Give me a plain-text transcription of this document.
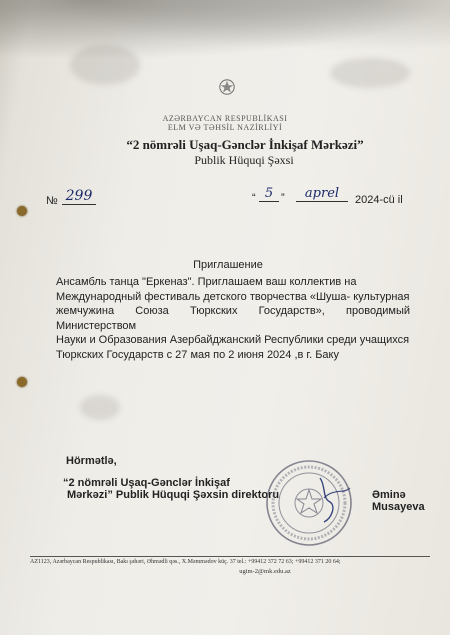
AZƏRBAYCAN RESPUBLİKASI
ELM VƏ TƏHSİL NAZİRLİYİ
“2 nömrəli Uşaq-Gənclər İnkişaf Mərkəzi”
Publik Hüquqi Şəxsi
№ 299	“ 5 ”	aprel	2024-cü il
Приглашение
Ансамбль танца "Еркеназ". Приглашаем ваш коллектив на
Международный фестиваль детского творчества «Шуша- культурная
жемчужина Союза Тюркских Государств», проводимый Министерством
Науки и Образования Азербайджанский Республики среди учащихся
Тюркских Государств с 27 мая по 2 июня 2024 ,в г. Баку
Hörmətlə,
“2 nömrəli Uşaq-Gənclər İnkişaf
Mərkəzi” Publik Hüquqi Şəxsin direktoru	Əminə Musayeva
AZ1123, Azərbaycan Respublikası, Bakı şəhəri, Əhmədli qəs., X.Məmmədov küç. 37 tel.: +99412 372 72 63; +99412 371 20 64;
ugim-2@mk.edu.az
